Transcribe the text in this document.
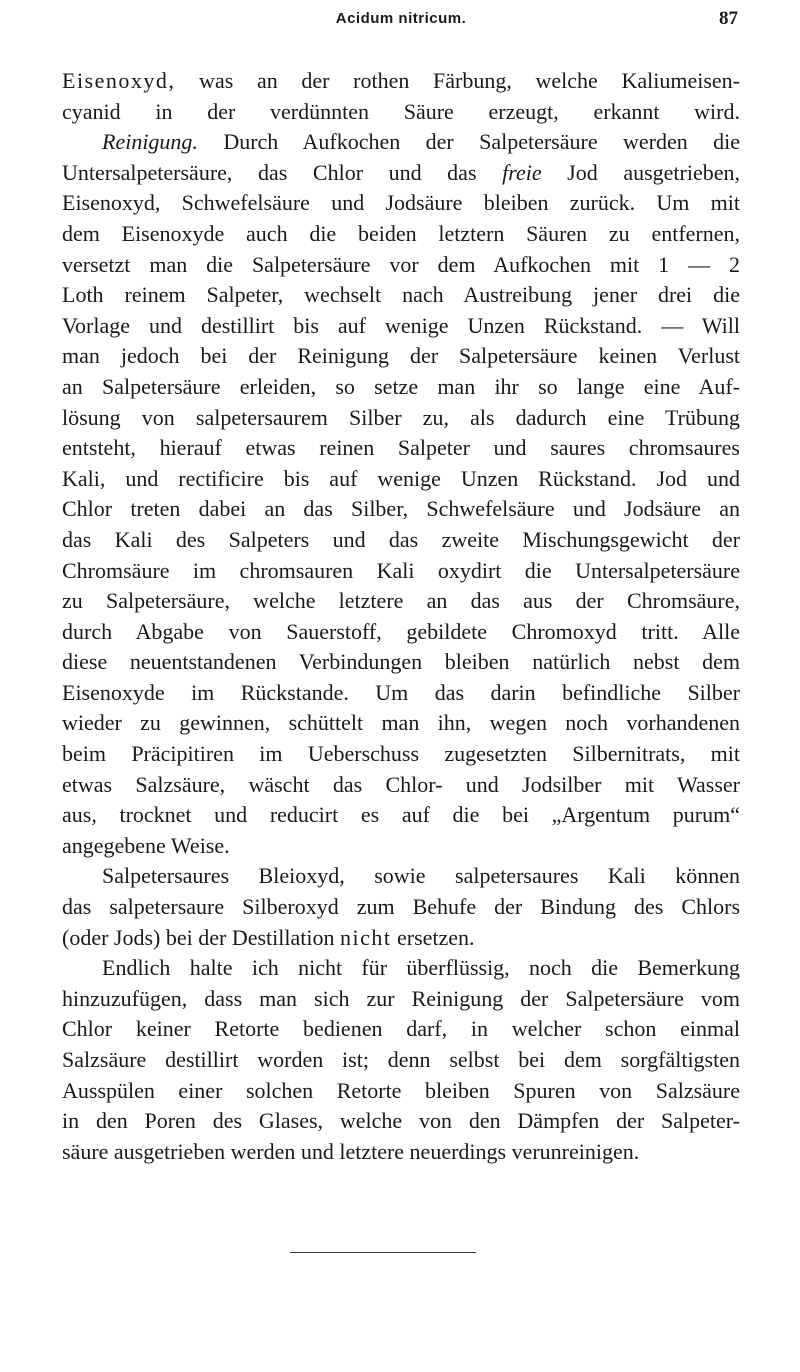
Acidum nitricum.	87
Eisenoxyd, was an der rothen Färbung, welche Kaliumeisen-
cyanid in der verdünnten Säure erzeugt, erkannt wird.
Reinigung. Durch Aufkochen der Salpetersäure werden die
Untersalpetersäure, das Chlor und das freie Jod ausgetrieben,
Eisenoxyd, Schwefelsäure und Jodsäure bleiben zurück. Um mit
dem Eisenoxyde auch die beiden letztern Säuren zu entfernen,
versetzt man die Salpetersäure vor dem Aufkochen mit 1 — 2
Loth reinem Salpeter, wechselt nach Austreibung jener drei die
Vorlage und destillirt bis auf wenige Unzen Rückstand. — Will
man jedoch bei der Reinigung der Salpetersäure keinen Verlust
an Salpetersäure erleiden, so setze man ihr so lange eine Auf-
lösung von salpetersaurem Silber zu, als dadurch eine Trübung
entsteht, hierauf etwas reinen Salpeter und saures chromsaures
Kali, und rectificire bis auf wenige Unzen Rückstand. Jod und
Chlor treten dabei an das Silber, Schwefelsäure und Jodsäure an
das Kali des Salpeters und das zweite Mischungsgewicht der
Chromsäure im chromsauren Kali oxydirt die Untersalpetersäure
zu Salpetersäure, welche letztere an das aus der Chromsäure,
durch Abgabe von Sauerstoff, gebildete Chromoxyd tritt. Alle
diese neuentstandenen Verbindungen bleiben natürlich nebst dem
Eisenoxyde im Rückstande. Um das darin befindliche Silber
wieder zu gewinnen, schüttelt man ihn, wegen noch vorhandenen
beim Präcipitiren im Ueberschuss zugesetzten Silbernitrats, mit
etwas Salzsäure, wäscht das Chlor- und Jodsilber mit Wasser
aus, trocknet und reducirt es auf die bei „Argentum purum“
angegebene Weise.
Salpetersaures Bleioxyd, sowie salpetersaures Kali können
das salpetersaure Silberoxyd zum Behufe der Bindung des Chlors
(oder Jods) bei der Destillation nicht ersetzen.
Endlich halte ich nicht für überflüssig, noch die Bemerkung
hinzuzufügen, dass man sich zur Reinigung der Salpetersäure vom
Chlor keiner Retorte bedienen darf, in welcher schon einmal
Salzsäure destillirt worden ist; denn selbst bei dem sorgfältigsten
Ausspülen einer solchen Retorte bleiben Spuren von Salzsäure
in den Poren des Glases, welche von den Dämpfen der Salpeter-
säure ausgetrieben werden und letztere neuerdings verunreinigen.
